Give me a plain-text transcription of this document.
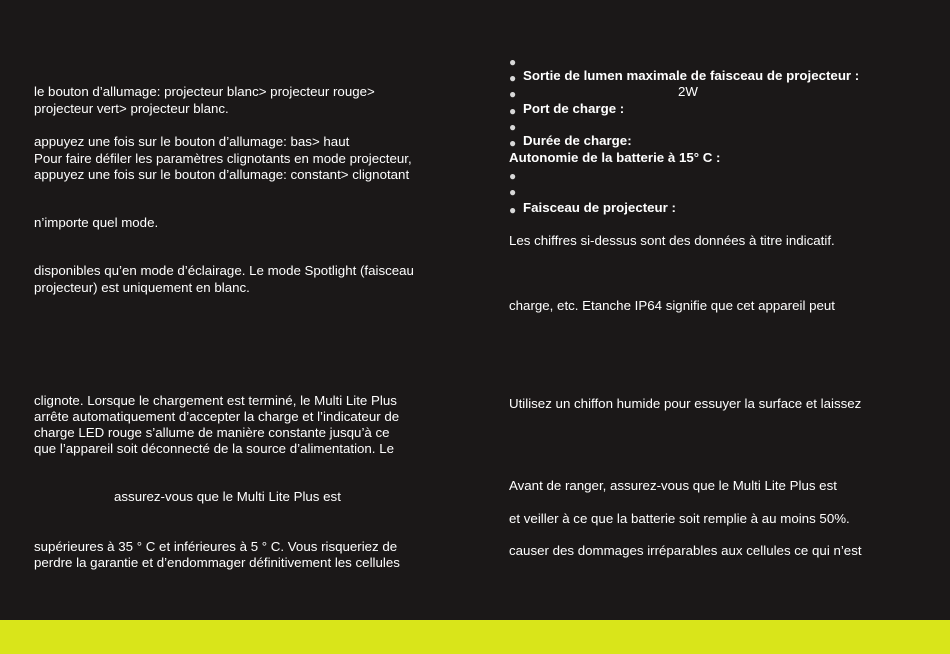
le bouton d’allumage: projecteur blanc> projecteur rouge>
projecteur vert> projecteur blanc.
appuyez une fois sur le bouton d’allumage: bas> haut
Pour faire défiler les paramètres clignotants en mode projecteur,
appuyez une fois sur le bouton d’allumage: constant> clignotant
n’importe quel mode.
disponibles qu’en mode d’éclairage. Le mode Spotlight (faisceau
projecteur) est uniquement en blanc.
clignote. Lorsque le chargement est terminé, le Multi Lite Plus
arrête automatiquement d’accepter la charge et l’indicateur de
charge LED rouge s’allume de manière constante jusqu’à ce
que l’appareil soit déconnecté de la source d’alimentation. Le
assurez-vous que le Multi Lite Plus est
supérieures à 35 ° C et inférieures à 5 ° C. Vous risqueriez de
perdre la garantie et d’endommager définitivement les cellules
●
● Sortie de lumen maximale de faisceau de projecteur :
●	2W
● Port de charge :
●
● Durée de charge:
Autonomie de la batterie à 15° C :
●
●
● Faisceau de projecteur :
Les chiffres si-dessus sont des données à titre indicatif.
charge, etc. Etanche IP64 signifie que cet appareil peut
Utilisez un chiffon humide pour essuyer la surface et laissez
Avant de ranger, assurez-vous que le Multi Lite Plus est
et veiller à ce que la batterie soit remplie à au moins 50%.
causer des dommages irréparables aux cellules ce qui n’est
